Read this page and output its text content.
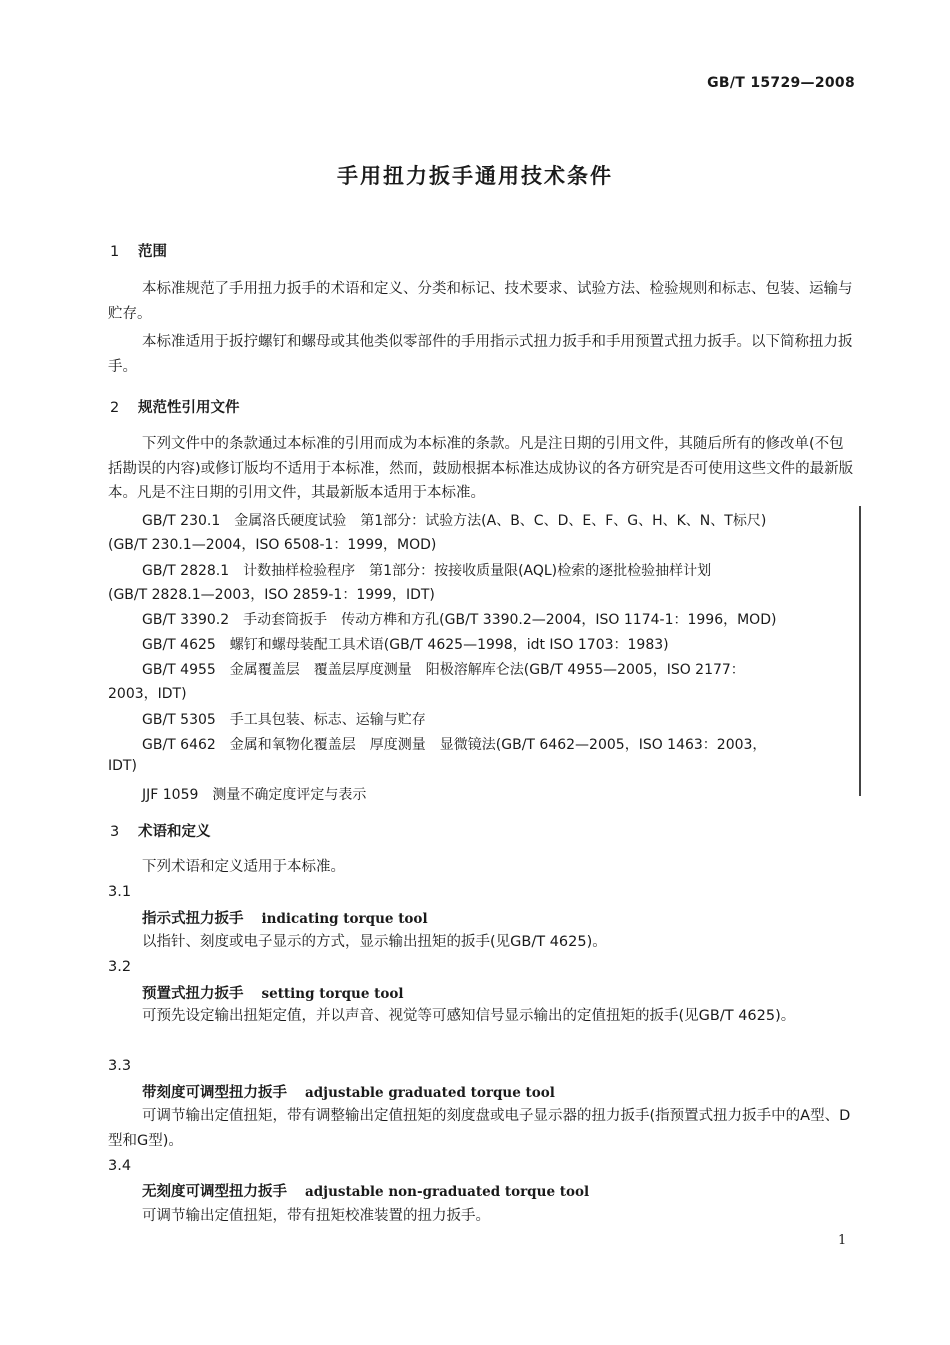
GB/T 15729—2008
手用扭力扳手通用技术条件
1 范围
本标准规范了手用扭力扳手的术语和定义、分类和标记、技术要求、试验方法、检验规则和标志、包装、运输与贮存。
本标准适用于扳拧螺钉和螺母或其他类似零部件的手用指示式扭力扳手和手用预置式扭力扳手。以下简称扭力扳手。
2 规范性引用文件
下列文件中的条款通过本标准的引用而成为本标准的条款。凡是注日期的引用文件，其随后所有的修改单(不包括勘误的内容)或修订版均不适用于本标准，然而，鼓励根据本标准达成协议的各方研究是否可使用这些文件的最新版本。凡是不注日期的引用文件，其最新版本适用于本标准。
GB/T 230.1　金属洛氏硬度试验　第1部分：试验方法(A、B、C、D、E、F、G、H、K、N、T标尺)
(GB/T 230.1—2004，ISO 6508-1：1999，MOD)
GB/T 2828.1　计数抽样检验程序　第1部分：按接收质量限(AQL)检索的逐批检验抽样计划
(GB/T 2828.1—2003，ISO 2859-1：1999，IDT)
GB/T 3390.2　手动套筒扳手　传动方榫和方孔(GB/T 3390.2—2004，ISO 1174-1：1996，MOD)
GB/T 4625　螺钉和螺母装配工具术语(GB/T 4625—1998，idt ISO 1703：1983)
GB/T 4955　金属覆盖层　覆盖层厚度测量　阳极溶解库仑法(GB/T 4955—2005，ISO 2177：
2003，IDT)
GB/T 5305　手工具包装、标志、运输与贮存
GB/T 6462　金属和氧物化覆盖层　厚度测量　显微镜法(GB/T 6462—2005，ISO 1463：2003，
IDT)
JJF 1059　测量不确定度评定与表示
3 术语和定义
下列术语和定义适用于本标准。
3.1
指示式扭力扳手 indicating torque tool
以指针、刻度或电子显示的方式，显示输出扭矩的扳手(见GB/T 4625)。
3.2
预置式扭力扳手 setting torque tool
可预先设定输出扭矩定值，并以声音、视觉等可感知信号显示输出的定值扭矩的扳手(见GB/T 4625)。
3.3
带刻度可调型扭力扳手 adjustable graduated torque tool
可调节输出定值扭矩，带有调整输出定值扭矩的刻度盘或电子显示器的扭力扳手(指预置式扭力扳手中的A型、D型和G型)。
3.4
无刻度可调型扭力扳手 adjustable non-graduated torque tool
可调节输出定值扭矩，带有扭矩校准装置的扭力扳手。
1
